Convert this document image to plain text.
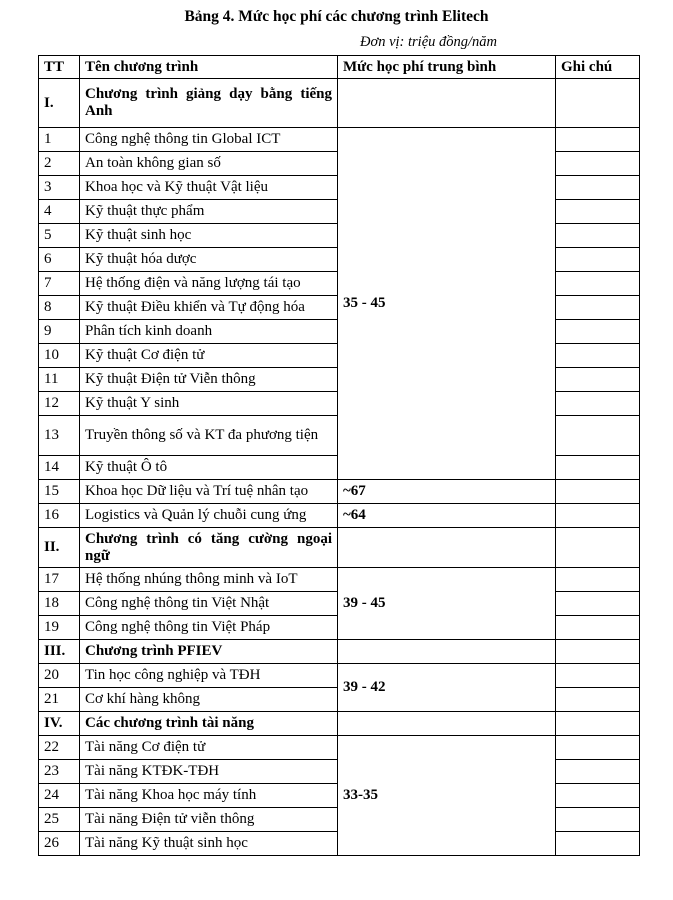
Bảng 4. Mức học phí các chương trình Elitech
Đơn vị: triệu đồng/năm
TT	Tên chương trình	Mức học phí trung bình	Ghi chú
I.	Chương trình giảng dạy bằng tiếng Anh		
1	Công nghệ thông tin Global ICT	35 - 45	
2	An toàn không gian số		
3	Khoa học và Kỹ thuật Vật liệu		
4	Kỹ thuật thực phẩm		
5	Kỹ thuật sinh học		
6	Kỹ thuật hóa dược		
7	Hệ thống điện và năng lượng tái tạo		
8	Kỹ thuật Điều khiển và Tự động hóa		
9	Phân tích kinh doanh		
10	Kỹ thuật Cơ điện tử		
11	Kỹ thuật Điện tử Viễn thông		
12	Kỹ thuật Y sinh		
13	Truyền thông số và KT đa phương tiện		
14	Kỹ thuật Ô tô		
15	Khoa học Dữ liệu và Trí tuệ nhân tạo	~67	
16	Logistics và Quản lý chuỗi cung ứng	~64	
II.	Chương trình có tăng cường ngoại ngữ		
17	Hệ thống nhúng thông minh và IoT	39 - 45	
18	Công nghệ thông tin Việt Nhật		
19	Công nghệ thông tin Việt Pháp		
III.	Chương trình PFIEV		
20	Tin học công nghiệp và TĐH	39 - 42	
21	Cơ khí hàng không		
IV.	Các chương trình tài năng		
22	Tài năng Cơ điện tử	33-35	
23	Tài năng KTĐK-TĐH		
24	Tài năng Khoa học máy tính		
25	Tài năng Điện tử viễn thông		
26	Tài năng Kỹ thuật sinh học		
